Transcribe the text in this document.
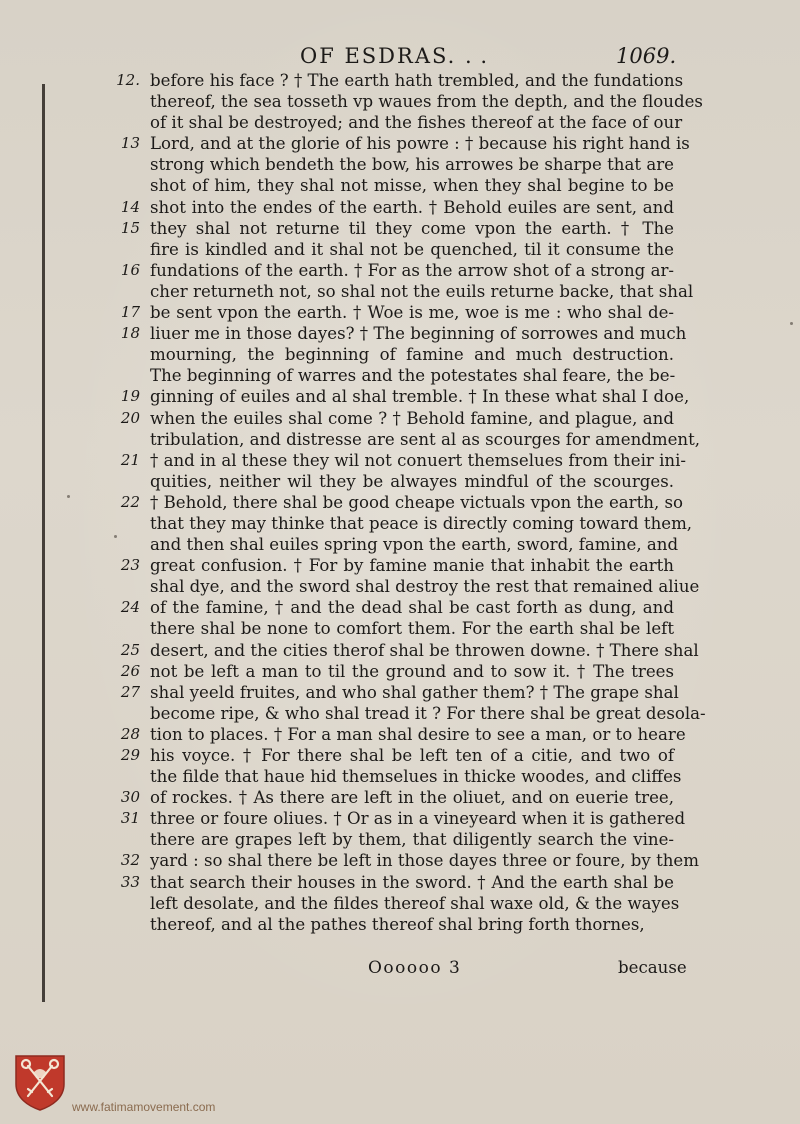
OF ESDRAS. . .	1069.
12. before his face ? † The earth hath trembled, and the fundations
thereof, the sea tosseth vp waues from the depth, and the floudes
of it shal be destroyed; and the fishes thereof at the face of our
13 Lord, and at the glorie of his powre : † because his right hand is
strong which bendeth the bow, his arrowes be sharpe that are
shot of him, they shal not misse, when they shal begine to be
14 shot into the endes of the earth. † Behold euiles are sent, and
15 they shal not returne til they come vpon the earth. † The
fire is kindled and it shal not be quenched, til it consume the
16 fundations of the earth. † For as the arrow shot of a strong ar-
cher returneth not, so shal not the euils returne backe, that shal
17 be sent vpon the earth. † Woe is me, woe is me : who shal de-
18 liuer me in those dayes? † The beginning of sorrowes and much
mourning, the beginning of famine and much destruction.
The beginning of warres and the potestates shal feare, the be-
19 ginning of euiles and al shal tremble. † In these what shal I doe,
20 when the euiles shal come ? † Behold famine, and plague, and
tribulation, and distresse are sent al as scourges for amendment,
21 † and in al these they wil not conuert themselues from their ini-
quities, neither wil they be alwayes mindful of the scourges.
22 † Behold, there shal be good cheape victuals vpon the earth, so
that they may thinke that peace is directly coming toward them,
and then shal euiles spring vpon the earth, sword, famine, and
23 great confusion. † For by famine manie that inhabit the earth
shal dye, and the sword shal destroy the rest that remained aliue
24 of the famine, † and the dead shal be cast forth as dung, and
there shal be none to comfort them. For the earth shal be left
25 desert, and the cities therof shal be throwen downe. † There shal
26 not be left a man to til the ground and to sow it. † The trees
27 shal yeeld fruites, and who shal gather them? † The grape shal
become ripe, & who shal tread it ? For there shal be great desola-
28 tion to places. † For a man shal desire to see a man, or to heare
29 his voyce. † For there shal be left ten of a citie, and two of
the filde that haue hid themselues in thicke woodes, and cliffes
30 of rockes. † As there are left in the oliuet, and on euerie tree,
31 three or foure oliues. † Or as in a vineyeard when it is gathered
there are grapes left by them, that diligently search the vine-
32 yard : so shal there be left in those dayes three or foure, by them
33 that search their houses in the sword. † And the earth shal be
left desolate, and the fildes thereof shal waxe old, & the wayes
thereof, and al the pathes thereof shal bring forth thornes,
Oooooo 3	because
www.fatimamovement.com
